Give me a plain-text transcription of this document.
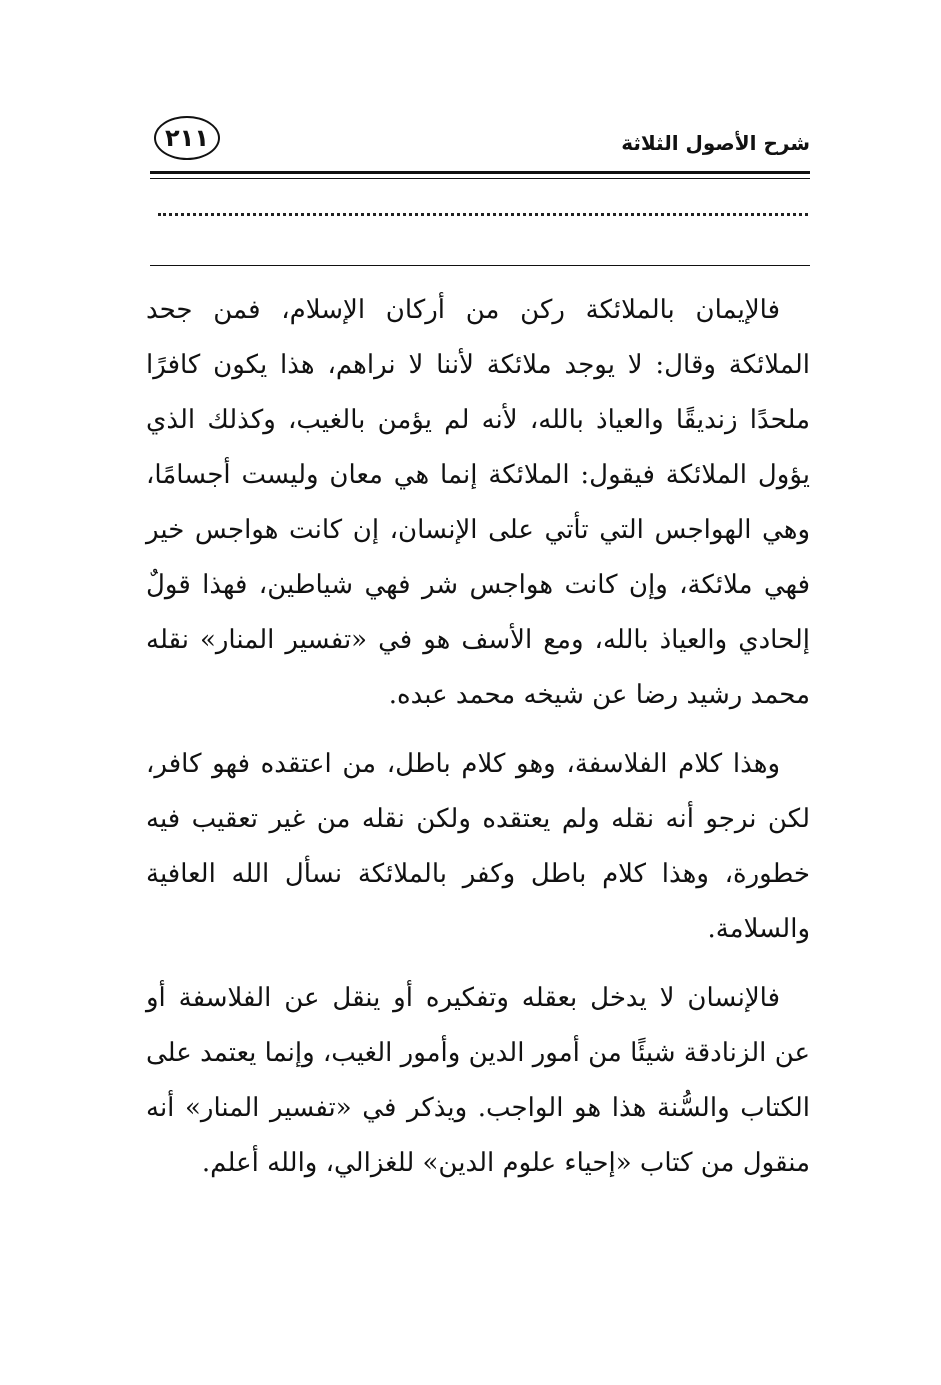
شرح الأصول الثلاثة
٢١١

فالإيمان بالملائكة ركن من أركان الإسلام، فمن جحد الملائكة وقال: لا يوجد ملائكة لأننا لا نراهم، هذا يكون كافرًا ملحدًا زنديقًا والعياذ بالله، لأنه لم يؤمن بالغيب، وكذلك الذي يؤول الملائكة فيقول: الملائكة إنما هي معان وليست أجسامًا، وهي الهواجس التي تأتي على الإنسان، إن كانت هواجس خير فهي ملائكة، وإن كانت هواجس شر فهي شياطين، فهذا قولٌ إلحادي والعياذ بالله، ومع الأسف هو في «تفسير المنار» نقله محمد رشيد رضا عن شيخه محمد عبده.

وهذا كلام الفلاسفة، وهو كلام باطل، من اعتقده فهو كافر، لكن نرجو أنه نقله ولم يعتقده ولكن نقله من غير تعقيب فيه خطورة، وهذا كلام باطل وكفر بالملائكة نسأل الله العافية والسلامة.

فالإنسان لا يدخل بعقله وتفكيره أو ينقل عن الفلاسفة أو عن الزنادقة شيئًا من أمور الدين وأمور الغيب، وإنما يعتمد على الكتاب والسُّنة هذا هو الواجب. ويذكر في «تفسير المنار» أنه منقول من كتاب «إحياء علوم الدين» للغزالي، والله أعلم.
